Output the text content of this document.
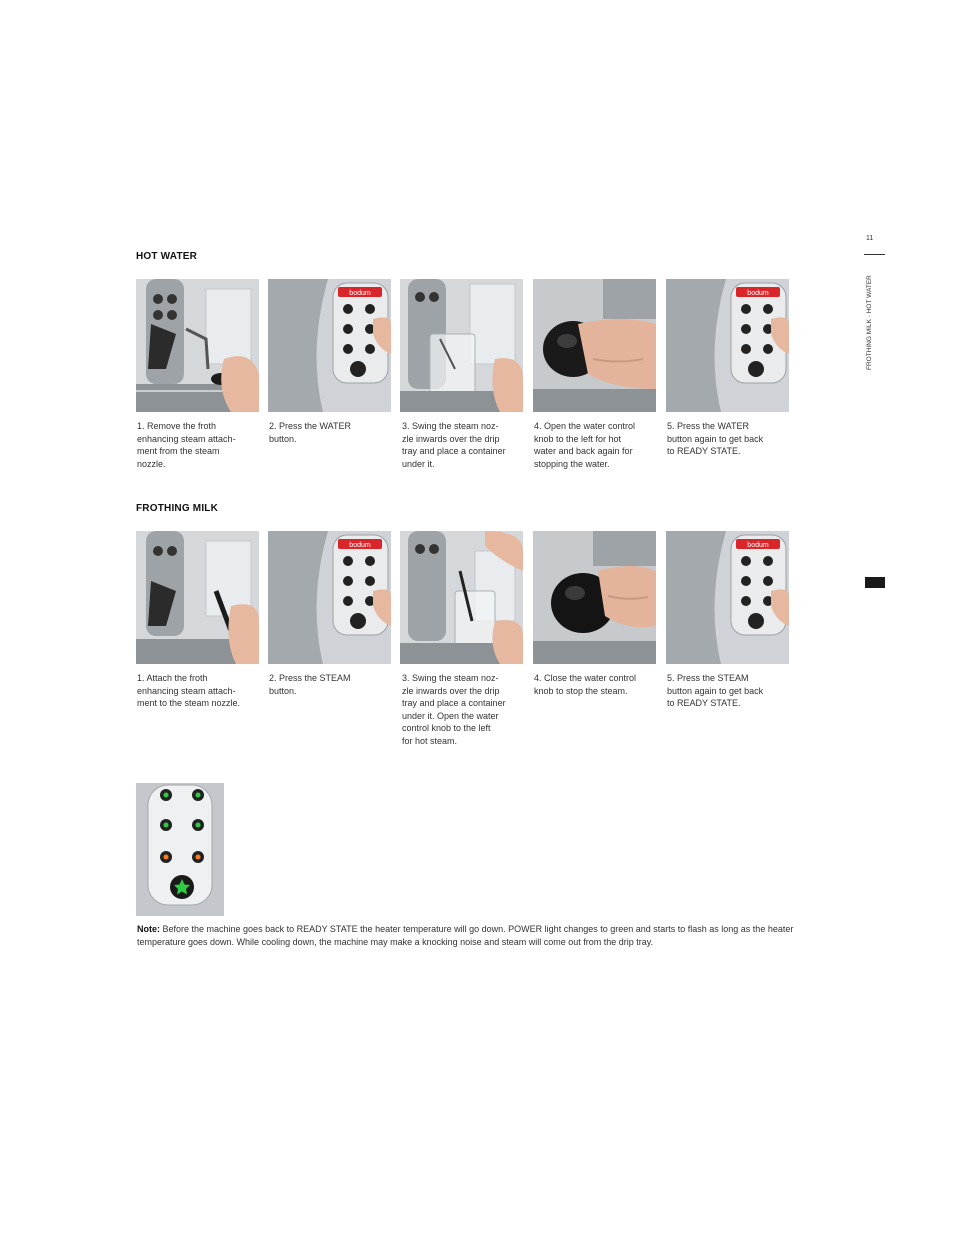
11
FROTHING MILK · HOT WATER
HOT WATER
bodum	bodum
1. Remove the froth
enhancing steam attach-
ment from the steam
nozzle.
2. Press the WATER
button.
3. Swing the steam noz-
zle inwards over the drip
tray and place a container
under it.
4. Open the water control
knob to the left for hot
water and back again for
stopping the water.
5. Press the WATER
button again to get back
to READY STATE.
FROTHING MILK
bodum	bodum
1. Attach the froth
enhancing steam attach-
ment to the steam nozzle.
2. Press the STEAM
button.
3. Swing the steam noz-
zle inwards over the drip
tray and place a container
under it. Open the water
control knob to the left
for hot steam.
4. Close the water control
knob to stop the steam.
5. Press the STEAM
button again to get back
to READY STATE.
Note: Before the machine goes back to READY STATE the heater temperature will go down. POWER light changes to green and starts to flash as long as the heater temperature goes down. While cooling down, the machine may make a knocking noise and steam will come out from the drip tray.
